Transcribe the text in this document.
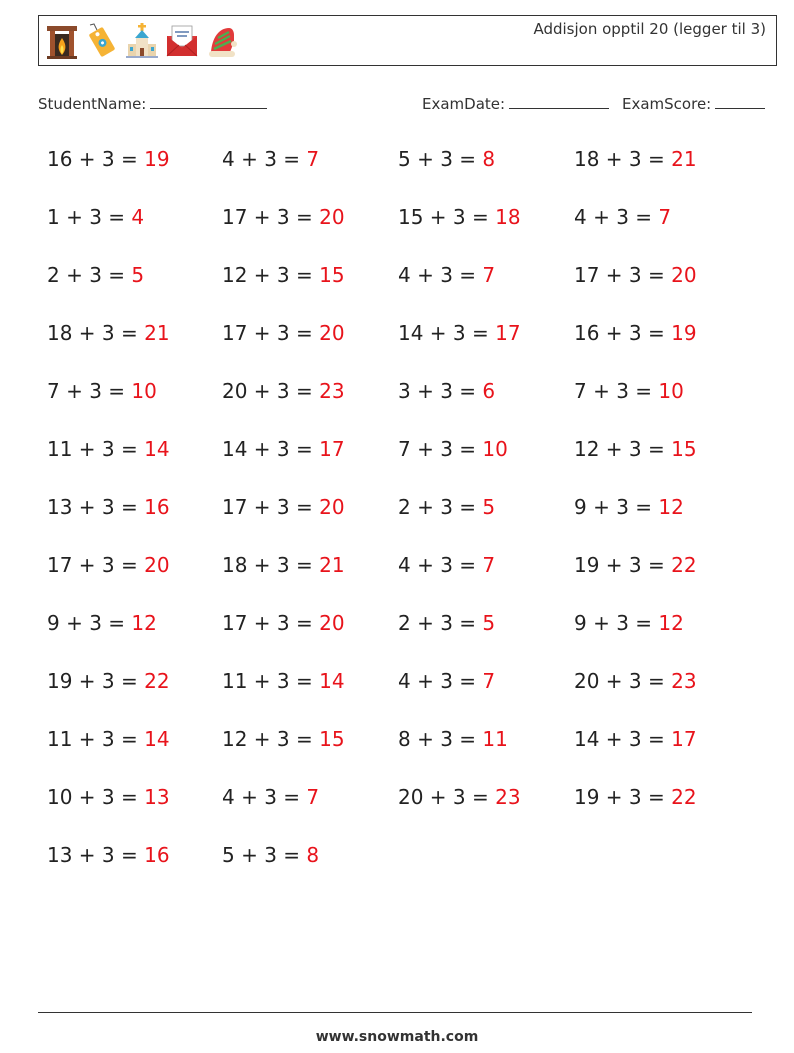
Addisjon opptil 20 (legger til 3)
StudentName:	ExamDate:	ExamScore:
16 + 3 = 19	4 + 3 = 7	5 + 3 = 8	18 + 3 = 21
1 + 3 = 4	17 + 3 = 20	15 + 3 = 18	4 + 3 = 7
2 + 3 = 5	12 + 3 = 15	4 + 3 = 7	17 + 3 = 20
18 + 3 = 21	17 + 3 = 20	14 + 3 = 17	16 + 3 = 19
7 + 3 = 10	20 + 3 = 23	3 + 3 = 6	7 + 3 = 10
11 + 3 = 14	14 + 3 = 17	7 + 3 = 10	12 + 3 = 15
13 + 3 = 16	17 + 3 = 20	2 + 3 = 5	9 + 3 = 12
17 + 3 = 20	18 + 3 = 21	4 + 3 = 7	19 + 3 = 22
9 + 3 = 12	17 + 3 = 20	2 + 3 = 5	9 + 3 = 12
19 + 3 = 22	11 + 3 = 14	4 + 3 = 7	20 + 3 = 23
11 + 3 = 14	12 + 3 = 15	8 + 3 = 11	14 + 3 = 17
10 + 3 = 13	4 + 3 = 7	20 + 3 = 23	19 + 3 = 22
13 + 3 = 16	5 + 3 = 8
www.snowmath.com
